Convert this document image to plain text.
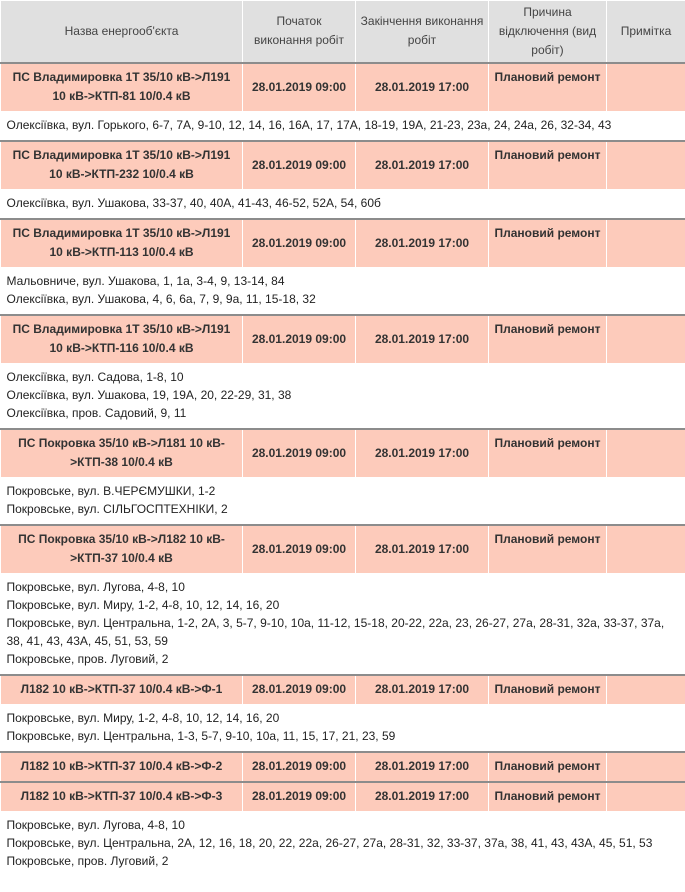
Назва енергооб'єкта	Початок виконання робіт	Закінчення виконання робіт	Причина відключення (вид робіт)	Примітка
ПС Владимировка 1Т 35/10 кВ->Л191 10 кВ->КТП-81 10/0.4 кВ	28.01.2019 09:00	28.01.2019 17:00	Плановий ремонт	

Олексіївка, вул. Горького, 6-7, 7А, 9-10, 12, 14, 16, 16А, 17, 17А, 18-19, 19А, 21-23, 23а, 24, 24а, 26, 32-34, 43				

ПС Владимировка 1Т 35/10 кВ->Л191 10 кВ->КТП-232 10/0.4 кВ	28.01.2019 09:00	28.01.2019 17:00	Плановий ремонт	

Олексіївка, вул. Ушакова, 33-37, 40, 40А, 41-43, 46-52, 52А, 54, 60б				

ПС Владимировка 1Т 35/10 кВ->Л191 10 кВ->КТП-113 10/0.4 кВ	28.01.2019 09:00	28.01.2019 17:00	Плановий ремонт	

Мальовниче, вул. Ушакова, 1, 1а, 3-4, 9, 13-14, 84
Олексіївка, вул. Ушакова, 4, 6, 6а, 7, 9, 9а, 11, 15-18, 32				

ПС Владимировка 1Т 35/10 кВ->Л191 10 кВ->КТП-116 10/0.4 кВ	28.01.2019 09:00	28.01.2019 17:00	Плановий ремонт	

Олексіївка, вул. Садова, 1-8, 10
Олексіївка, вул. Ушакова, 19, 19А, 20, 22-29, 31, 38
Олексіївка, пров. Садовий, 9, 11				

ПС Покровка 35/10 кВ->Л181 10 кВ->КТП-38 10/0.4 кВ	28.01.2019 09:00	28.01.2019 17:00	Плановий ремонт	

Покровське, вул. В.ЧЕРЄМУШКИ, 1-2
Покровське, вул. СІЛЬГОСПТЕХНІКИ, 2				

ПС Покровка 35/10 кВ->Л182 10 кВ->КТП-37 10/0.4 кВ	28.01.2019 09:00	28.01.2019 17:00	Плановий ремонт	

Покровське, вул. Лугова, 4-8, 10
Покровське, вул. Миру, 1-2, 4-8, 10, 12, 14, 16, 20
Покровське, вул. Центральна, 1-2, 2А, 3, 5-7, 9-10, 10а, 11-12, 15-18, 20-22, 22а, 23, 26-27, 27а, 28-31, 32а, 33-37, 37а, 38, 41, 43, 43А, 45, 51, 53, 59
Покровське, пров. Луговий, 2				

Л182 10 кВ->КТП-37 10/0.4 кВ->Ф-1	28.01.2019 09:00	28.01.2019 17:00	Плановий ремонт	

Покровське, вул. Миру, 1-2, 4-8, 10, 12, 14, 16, 20
Покровське, вул. Центральна, 1-3, 5-7, 9-10, 10а, 11, 15, 17, 21, 23, 59				

Л182 10 кВ->КТП-37 10/0.4 кВ->Ф-2	28.01.2019 09:00	28.01.2019 17:00	Плановий ремонт	
Л182 10 кВ->КТП-37 10/0.4 кВ->Ф-3	28.01.2019 09:00	28.01.2019 17:00	Плановий ремонт	

Покровське, вул. Лугова, 4-8, 10
Покровське, вул. Центральна, 2А, 12, 16, 18, 20, 22, 22а, 26-27, 27а, 28-31, 32, 33-37, 37а, 38, 41, 43, 43А, 45, 51, 53
Покровське, пров. Луговий, 2				
